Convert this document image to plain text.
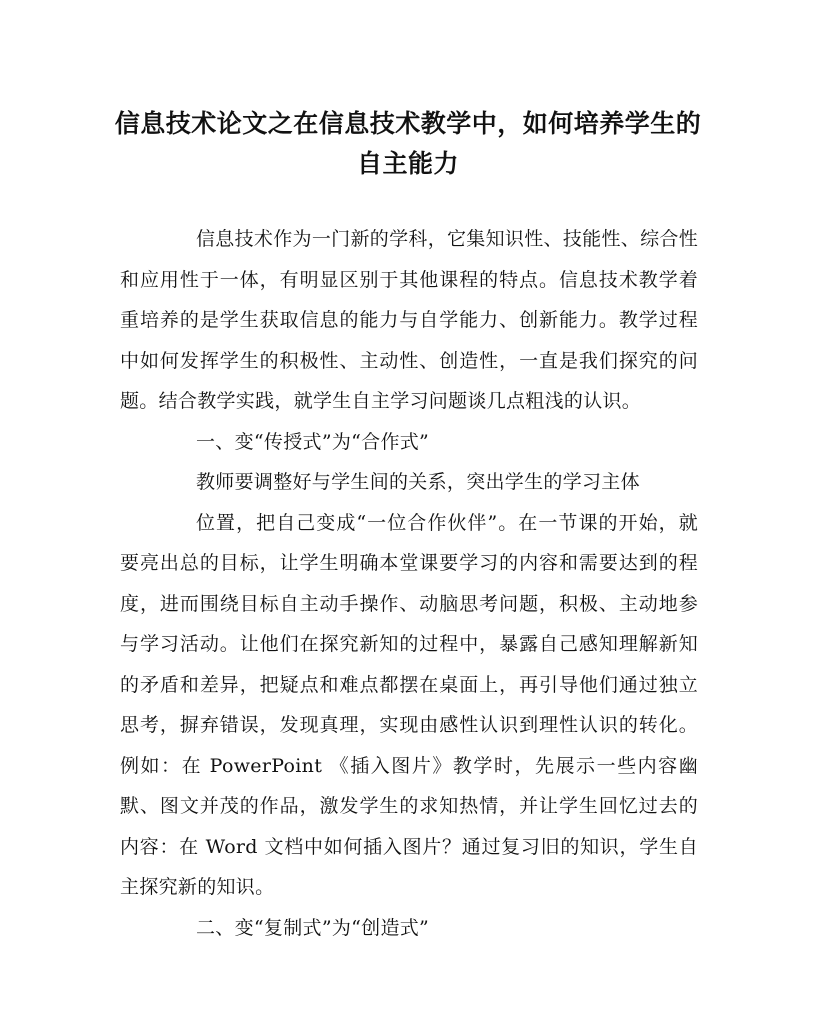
信息技术论文之在信息技术教学中，如何培养学生的自主能力

信息技术作为一门新的学科，它集知识性、技能性、综合性和应用性于一体，有明显区别于其他课程的特点。信息技术教学着重培养的是学生获取信息的能力与自学能力、创新能力。教学过程中如何发挥学生的积极性、主动性、创造性，一直是我们探究的问题。结合教学实践，就学生自主学习问题谈几点粗浅的认识。

一、变“传授式”为“合作式”

教师要调整好与学生间的关系，突出学生的学习主体

位置，把自己变成“一位合作伙伴”。在一节课的开始，就要亮出总的目标，让学生明确本堂课要学习的内容和需要达到的程度，进而围绕目标自主动手操作、动脑思考问题，积极、主动地参与学习活动。让他们在探究新知的过程中，暴露自己感知理解新知的矛盾和差异，把疑点和难点都摆在桌面上，再引导他们通过独立思考，摒弃错误，发现真理，实现由感性认识到理性认识的转化。例如：在 PowerPoint 《插入图片》教学时，先展示一些内容幽默、图文并茂的作品，激发学生的求知热情，并让学生回忆过去的内容：在 Word 文档中如何插入图片？通过复习旧的知识，学生自主探究新的知识。

二、变“复制式”为“创造式”
